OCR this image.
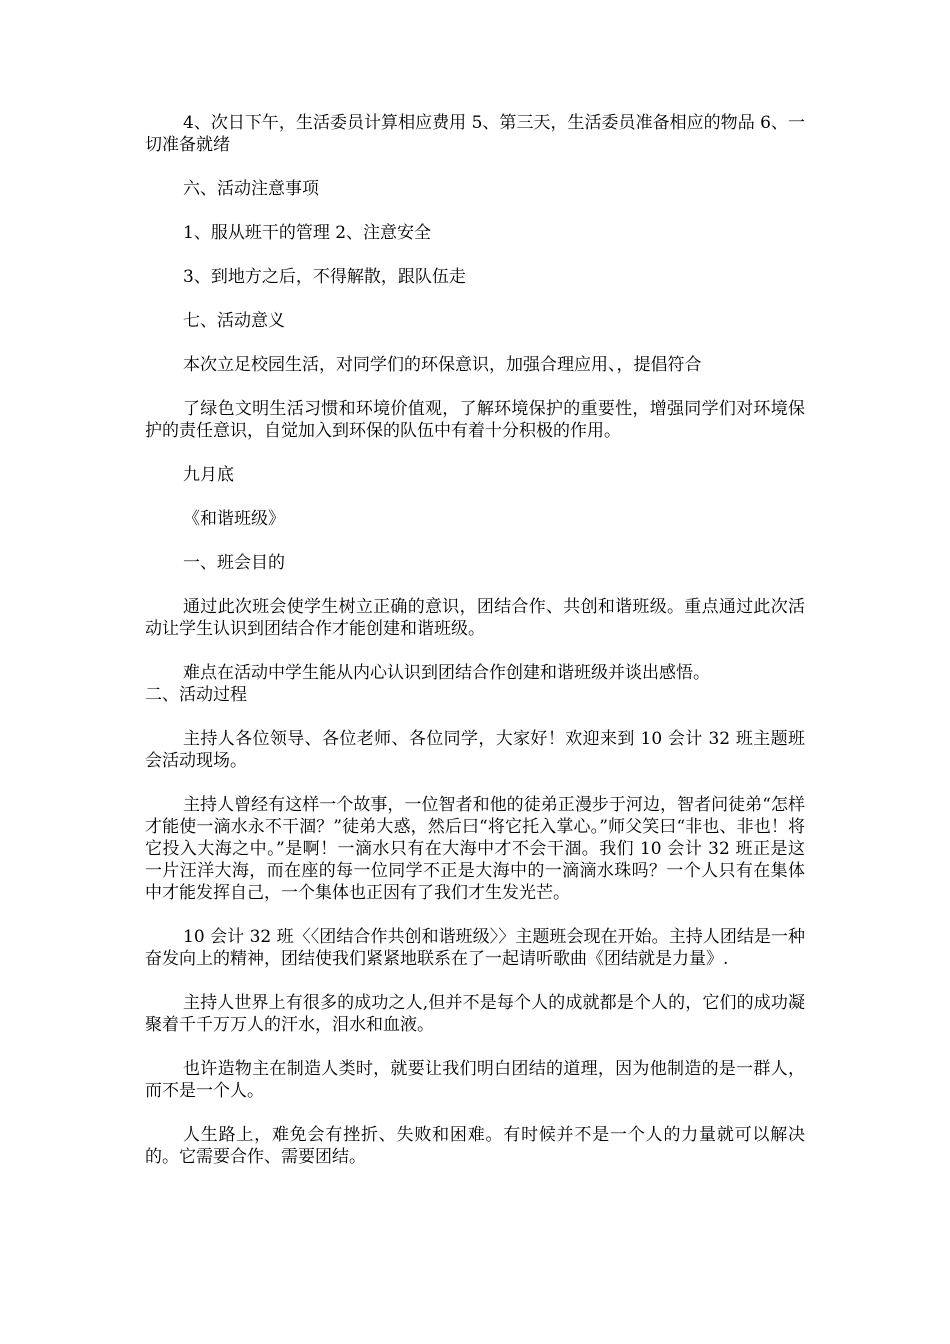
4、次日下午，生活委员计算相应费用 5、第三天，生活委员准备相应的物品 6、一切准备就绪

六、活动注意事项

1、服从班干的管理 2、注意安全

3、到地方之后，不得解散，跟队伍走

七、活动意义

本次立足校园生活，对同学们的环保意识，加强合理应用、，提倡符合

了绿色文明生活习惯和环境价值观，了解环境保护的重要性，增强同学们对环境保护的责任意识，自觉加入到环保的队伍中有着十分积极的作用。

九月底

《和谐班级》

一、班会目的

通过此次班会使学生树立正确的意识，团结合作、共创和谐班级。重点通过此次活动让学生认识到团结合作才能创建和谐班级。

难点在活动中学生能从内心认识到团结合作创建和谐班级并谈出感悟。

二、活动过程

主持人各位领导、各位老师、各位同学，大家好！欢迎来到 10 会计 32 班主题班会活动现场。

主持人曾经有这样一个故事，一位智者和他的徒弟正漫步于河边，智者问徒弟“怎样才能使一滴水永不干涸？”徒弟大惑，然后曰“将它托入掌心。”师父笑曰“非也、非也！将它投入大海之中。”是啊！一滴水只有在大海中才不会干涸。我们 10 会计 32 班正是这一片汪洋大海，而在座的每一位同学不正是大海中的一滴滴水珠吗？一个人只有在集体中才能发挥自己，一个集体也正因有了我们才生发光芒。

10 会计 32 班〈〈团结合作共创和谐班级〉〉主题班会现在开始。主持人团结是一种奋发向上的精神，团结使我们紧紧地联系在了一起请听歌曲《团结就是力量》.

主持人世界上有很多的成功之人,但并不是每个人的成就都是个人的，它们的成功凝聚着千千万万人的汗水，泪水和血液。

也许造物主在制造人类时，就要让我们明白团结的道理，因为他制造的是一群人，而不是一个人。

人生路上，难免会有挫折、失败和困难。有时候并不是一个人的力量就可以解决的。它需要合作、需要团结。
